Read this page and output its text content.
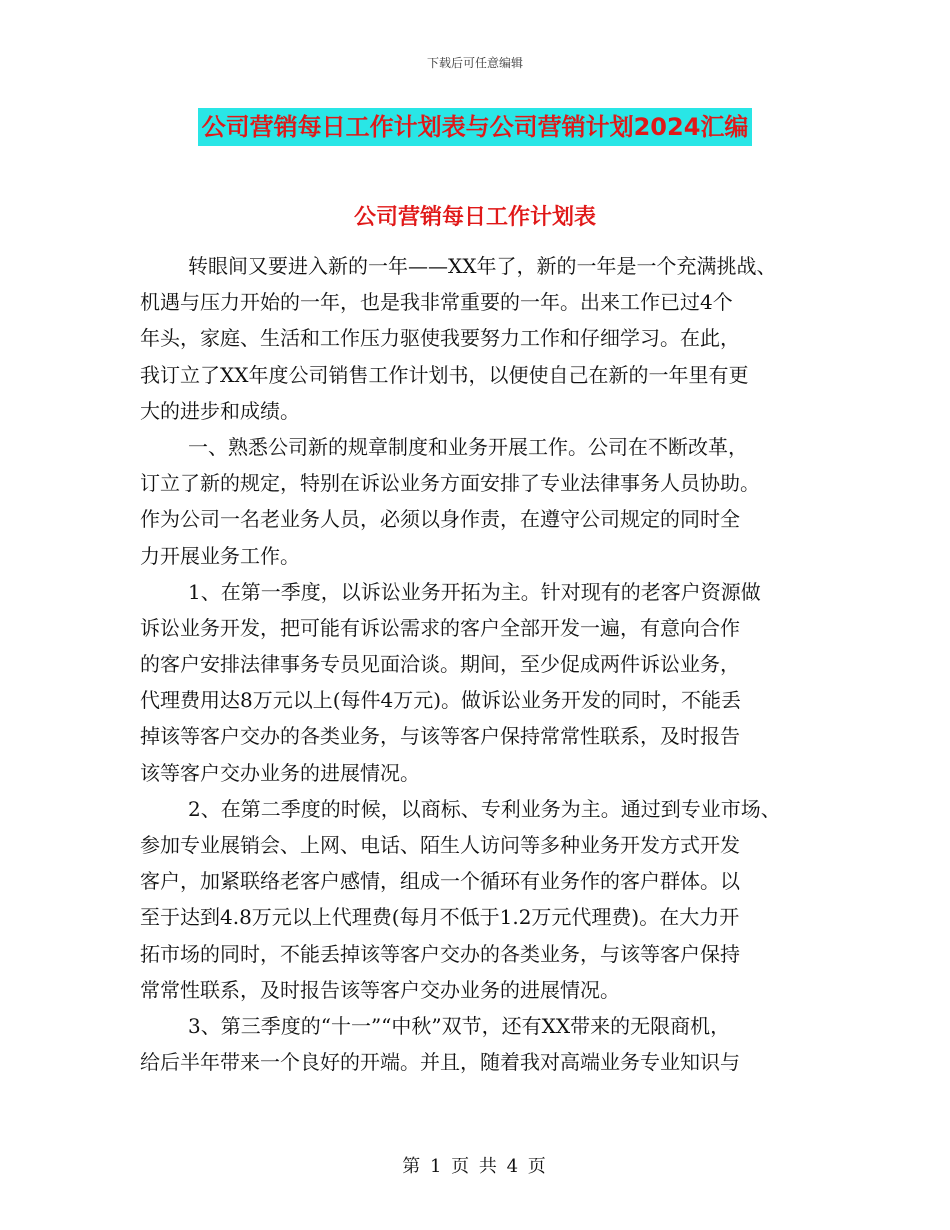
下载后可任意编辑
公司营销每日工作计划表与公司营销计划2024汇编
公司营销每日工作计划表
转眼间又要进入新的一年——XX年了，新的一年是一个充满挑战、
机遇与压力开始的一年，也是我非常重要的一年。出来工作已过4个
年头，家庭、生活和工作压力驱使我要努力工作和仔细学习。在此，
我订立了XX年度公司销售工作计划书，以便使自己在新的一年里有更
大的进步和成绩。
一、熟悉公司新的规章制度和业务开展工作。公司在不断改革，
订立了新的规定，特别在诉讼业务方面安排了专业法律事务人员协助。
作为公司一名老业务人员，必须以身作责，在遵守公司规定的同时全
力开展业务工作。
1、在第一季度，以诉讼业务开拓为主。针对现有的老客户资源做
诉讼业务开发，把可能有诉讼需求的客户全部开发一遍，有意向合作
的客户安排法律事务专员见面洽谈。期间，至少促成两件诉讼业务，
代理费用达8万元以上(每件4万元)。做诉讼业务开发的同时，不能丢
掉该等客户交办的各类业务，与该等客户保持常常性联系，及时报告
该等客户交办业务的进展情况。
2、在第二季度的时候，以商标、专利业务为主。通过到专业市场、
参加专业展销会、上网、电话、陌生人访问等多种业务开发方式开发
客户，加紧联络老客户感情，组成一个循环有业务作的客户群体。以
至于达到4.8万元以上代理费(每月不低于1.2万元代理费)。在大力开
拓市场的同时，不能丢掉该等客户交办的各类业务，与该等客户保持
常常性联系，及时报告该等客户交办业务的进展情况。
3、第三季度的“十一”“中秋”双节，还有XX带来的无限商机，
给后半年带来一个良好的开端。并且，随着我对高端业务专业知识与
第 1 页 共 4 页
